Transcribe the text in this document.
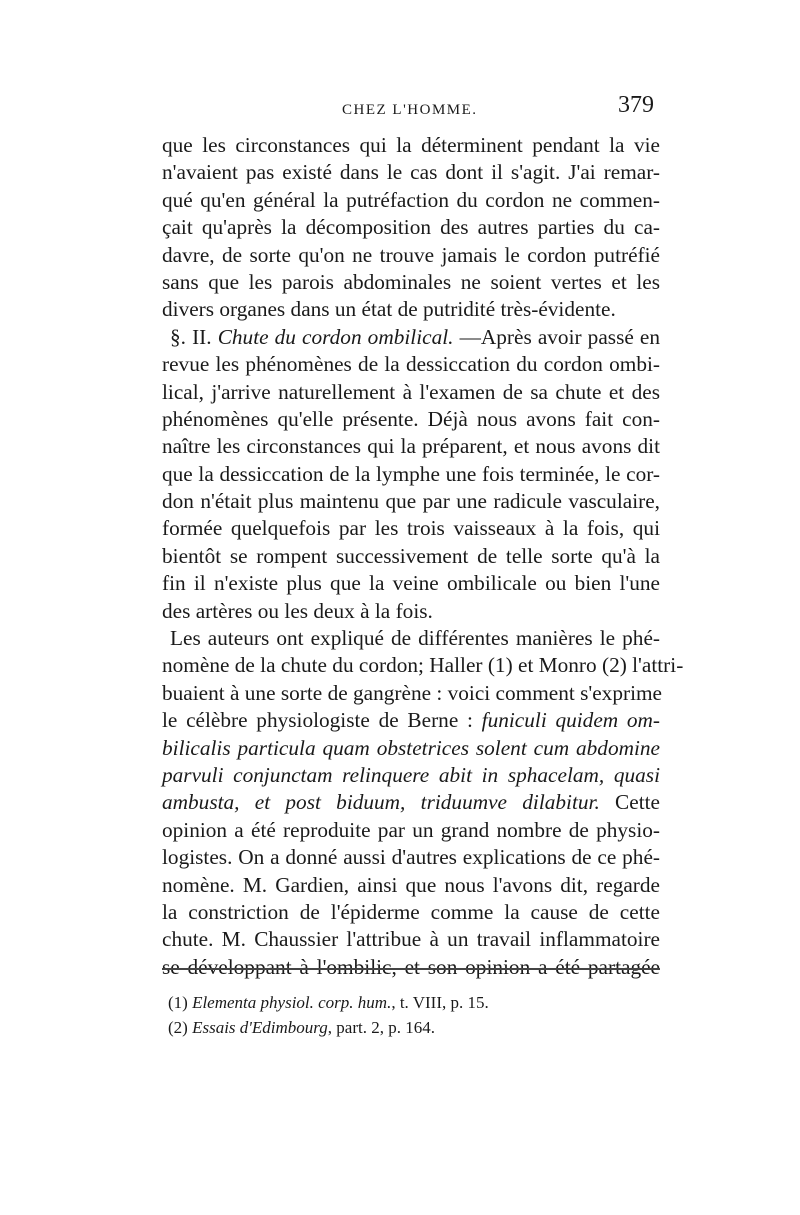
CHEZ L'HOMME.	379
que les circonstances qui la déterminent pendant la vie
n'avaient pas existé dans le cas dont il s'agit. J'ai remar-
qué qu'en général la putréfaction du cordon ne commen-
çait qu'après la décomposition des autres parties du ca-
davre, de sorte qu'on ne trouve jamais le cordon putréfié
sans que les parois abdominales ne soient vertes et les
divers organes dans un état de putridité très-évidente.
§. II. Chute du cordon ombilical. —Après avoir passé en
revue les phénomènes de la dessiccation du cordon ombi-
lical, j'arrive naturellement à l'examen de sa chute et des
phénomènes qu'elle présente. Déjà nous avons fait con-
naître les circonstances qui la préparent, et nous avons dit
que la dessiccation de la lymphe une fois terminée, le cor-
don n'était plus maintenu que par une radicule vasculaire,
formée quelquefois par les trois vaisseaux à la fois, qui
bientôt se rompent successivement de telle sorte qu'à la
fin il n'existe plus que la veine ombilicale ou bien l'une
des artères ou les deux à la fois.
Les auteurs ont expliqué de différentes manières le phé-
nomène de la chute du cordon; Haller (1) et Monro (2) l'attri-
buaient à une sorte de gangrène : voici comment s'exprime
le célèbre physiologiste de Berne : funiculi quidem om-
bilicalis particula quam obstetrices solent cum abdomine
parvuli conjunctam relinquere abit in sphacelam, quasi
ambusta, et post biduum, triduumve dilabitur. Cette
opinion a été reproduite par un grand nombre de physio-
logistes. On a donné aussi d'autres explications de ce phé-
nomène. M. Gardien, ainsi que nous l'avons dit, regarde
la constriction de l'épiderme comme la cause de cette
chute. M. Chaussier l'attribue à un travail inflammatoire
se développant à l'ombilic, et son opinion a été partagée
(1) Elementa physiol. corp. hum., t. VIII, p. 15.
(2) Essais d'Edimbourg, part. 2, p. 164.
